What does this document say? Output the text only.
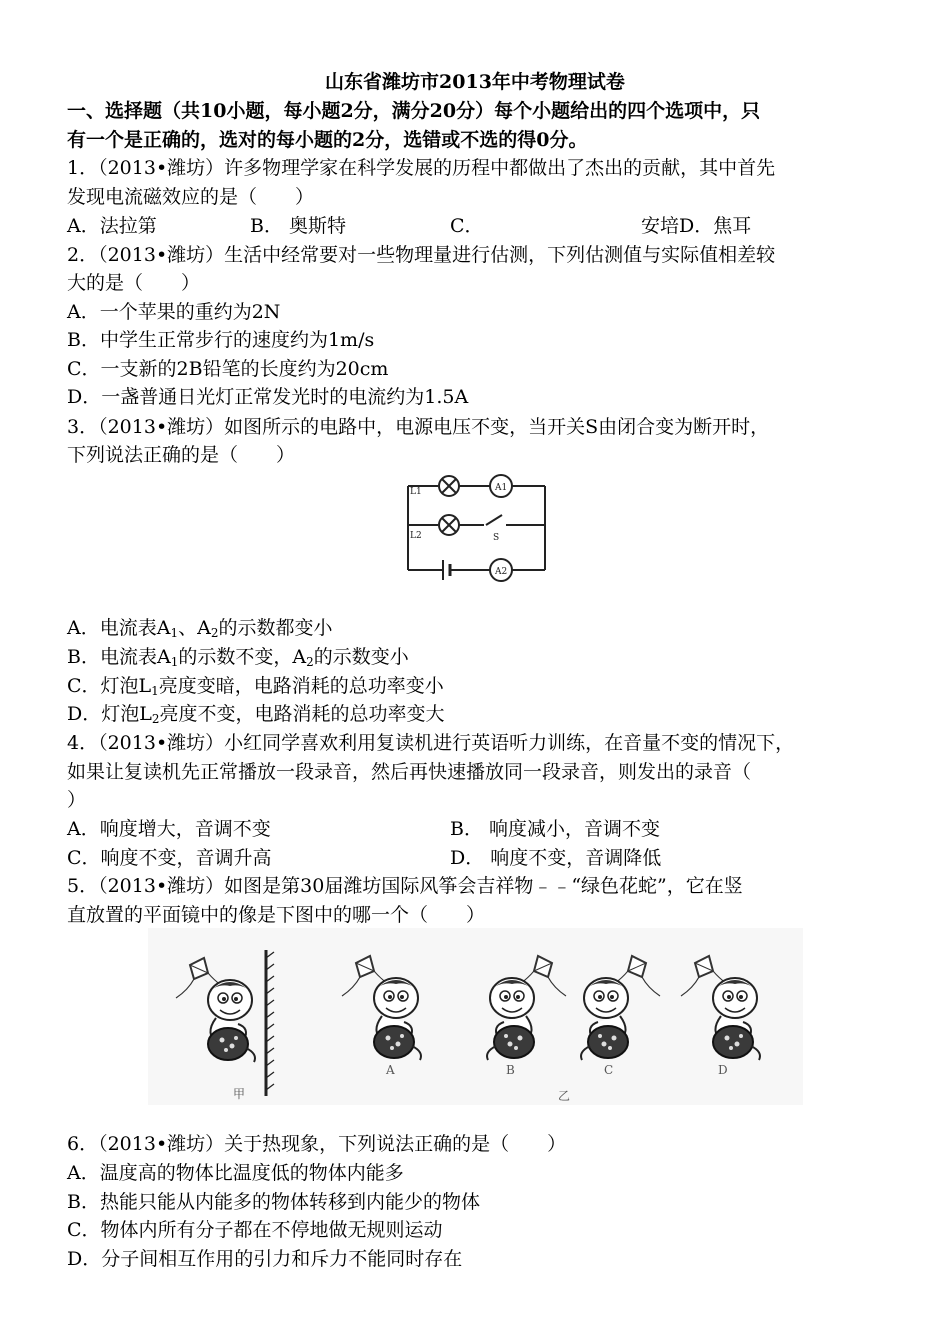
山东省潍坊市2013年中考物理试卷
一、选择题（共10小题，每小题2分，满分20分）每个小题给出的四个选项中，只
有一个是正确的，选对的每小题的2分，选错或不选的得0分。
1．（2013•潍坊）许多物理学家在科学发展的历程中都做出了杰出的贡献，其中首先
发现电流磁效应的是（　　）
A．法拉第	B． 奥斯特	C．	安培D．焦耳
2．（2013•潍坊）生活中经常要对一些物理量进行估测，下列估测值与实际值相差较
大的是（　　）
A．一个苹果的重约为2N
B．中学生正常步行的速度约为1m/s
C．一支新的2B铅笔的长度约为20cm
D．一盏普通日光灯正常发光时的电流约为1.5A
3．（2013•潍坊）如图所示的电路中，电源电压不变，当开关S由闭合变为断开时，
下列说法正确的是（　　）
L1
L2
A1
A2
S
A．电流表$A_1$、$A_2$的示数都变小
B．电流表$A_1$的示数不变，$A_2$的示数变小
C．灯泡$L_1$亮度变暗，电路消耗的总功率变小
D．灯泡$L_2$亮度不变，电路消耗的总功率变大
4．（2013•潍坊）小红同学喜欢利用复读机进行英语听力训练，在音量不变的情况下，
如果让复读机先正常播放一段录音，然后再快速播放同一段录音，则发出的录音（
）
A．响度增大，音调不变	B． 响度减小，音调不变
C．响度不变，音调升高	D． 响度不变，音调降低
5．（2013•潍坊）如图是第30届潍坊国际风筝会吉祥物﹣﹣“绿色花蛇”，它在竖
直放置的平面镜中的像是下图中的哪一个（　　）
甲
A	B	C	D
乙
6．（2013•潍坊）关于热现象，下列说法正确的是（　　）
A．温度高的物体比温度低的物体内能多
B．热能只能从内能多的物体转移到内能少的物体
C．物体内所有分子都在不停地做无规则运动
D．分子间相互作用的引力和斥力不能同时存在
